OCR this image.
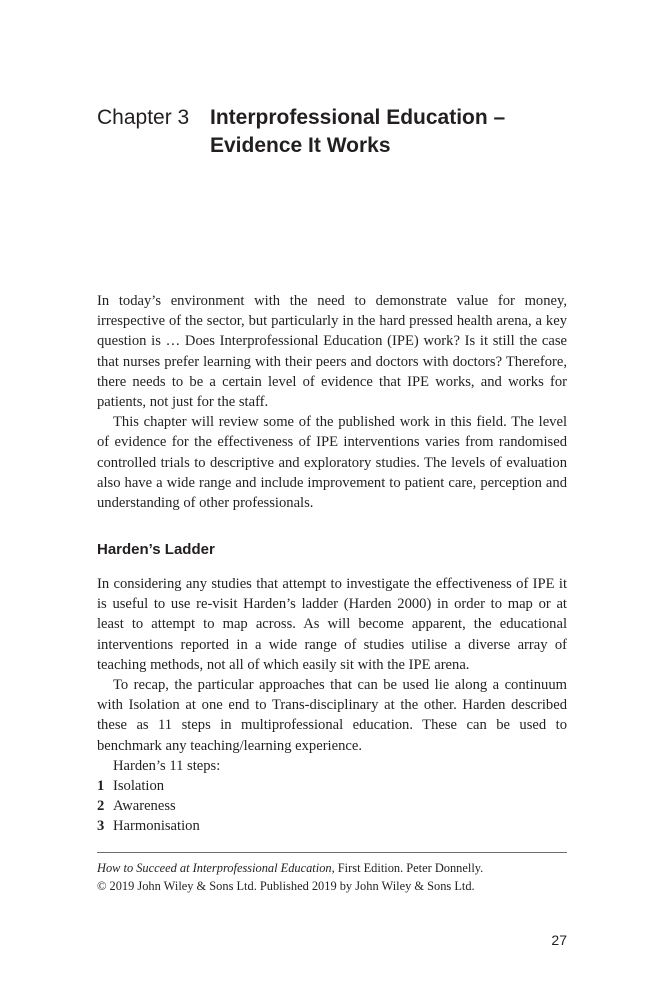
Chapter 3 Interprofessional Education –
Evidence It Works

In today’s environment with the need to demonstrate value for money, irrespective of the sector, but particularly in the hard pressed health arena, a key question is … Does Interprofessional Education (IPE) work? Is it still the case that nurses prefer learning with their peers and doctors with doctors? Therefore, there needs to be a certain level of evidence that IPE works, and works for patients, not just for the staff.

This chapter will review some of the published work in this field. The level of evidence for the effectiveness of IPE interventions varies from randomised controlled trials to descriptive and exploratory studies. The levels of evaluation also have a wide range and include improvement to patient care, perception and understanding of other professionals.

Harden’s Ladder

In considering any studies that attempt to investigate the effectiveness of IPE it is useful to use re-visit Harden’s ladder (Harden 2000) in order to map or at least to attempt to map across. As will become apparent, the educational interventions reported in a wide range of studies utilise a diverse array of teaching methods, not all of which easily sit with the IPE arena.

To recap, the particular approaches that can be used lie along a continuum with Isolation at one end to Trans-disciplinary at the other. Harden described these as 11 steps in multiprofessional education. These can be used to benchmark any teaching/learning experience.

Harden’s 11 steps:

1 Isolation
2 Awareness
3 Harmonisation

How to Succeed at Interprofessional Education, First Edition. Peter Donnelly.

© 2019 John Wiley & Sons Ltd. Published 2019 by John Wiley & Sons Ltd.

27
